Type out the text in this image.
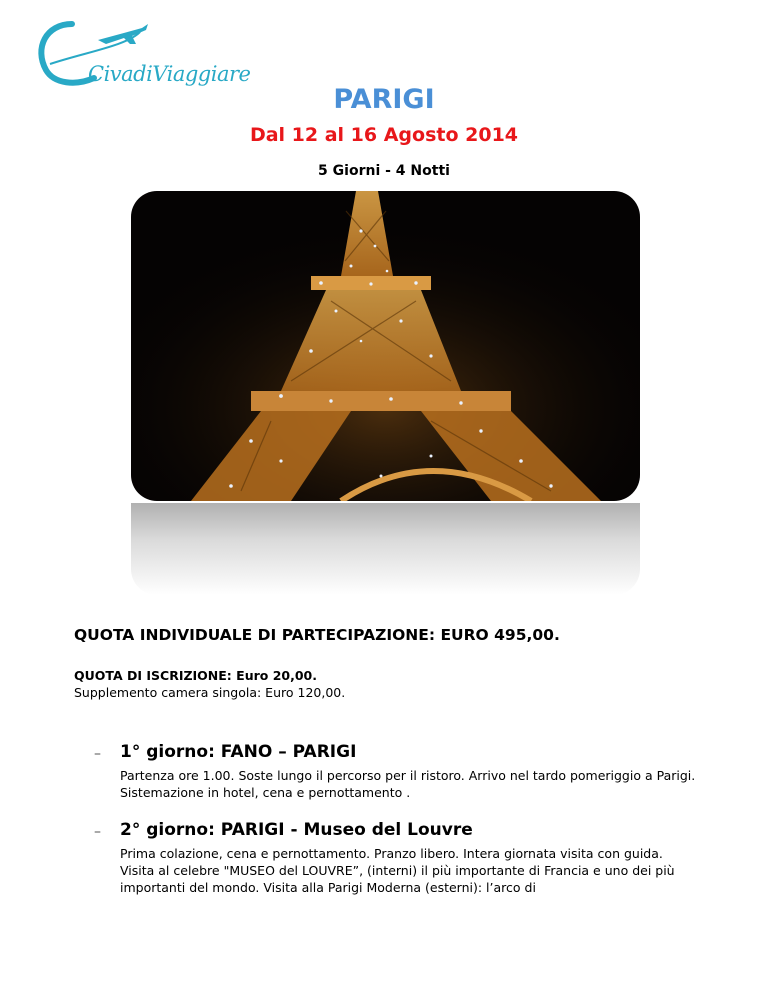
CivadiViaggiare
PARIGI
Dal 12 al 16 Agosto 2014
5 Giorni - 4 Notti
QUOTA INDIVIDUALE DI PARTECIPAZIONE: EURO 495,00.
QUOTA DI ISCRIZIONE: Euro 20,00.
Supplemento camera singola: Euro 120,00.
– 1° giorno: FANO – PARIGI

Partenza ore 1.00. Soste lungo il percorso per il ristoro. Arrivo nel tardo pomeriggio a Parigi. Sistemazione in hotel, cena e pernottamento .

– 2° giorno: PARIGI - Museo del Louvre

Prima colazione, cena e pernottamento. Pranzo libero. Intera giornata visita con guida.

Visita al celebre "MUSEO del LOUVRE”, (interni) il più importante di Francia e uno dei più importanti del mondo. Visita alla Parigi Moderna (esterni): l’arco di
